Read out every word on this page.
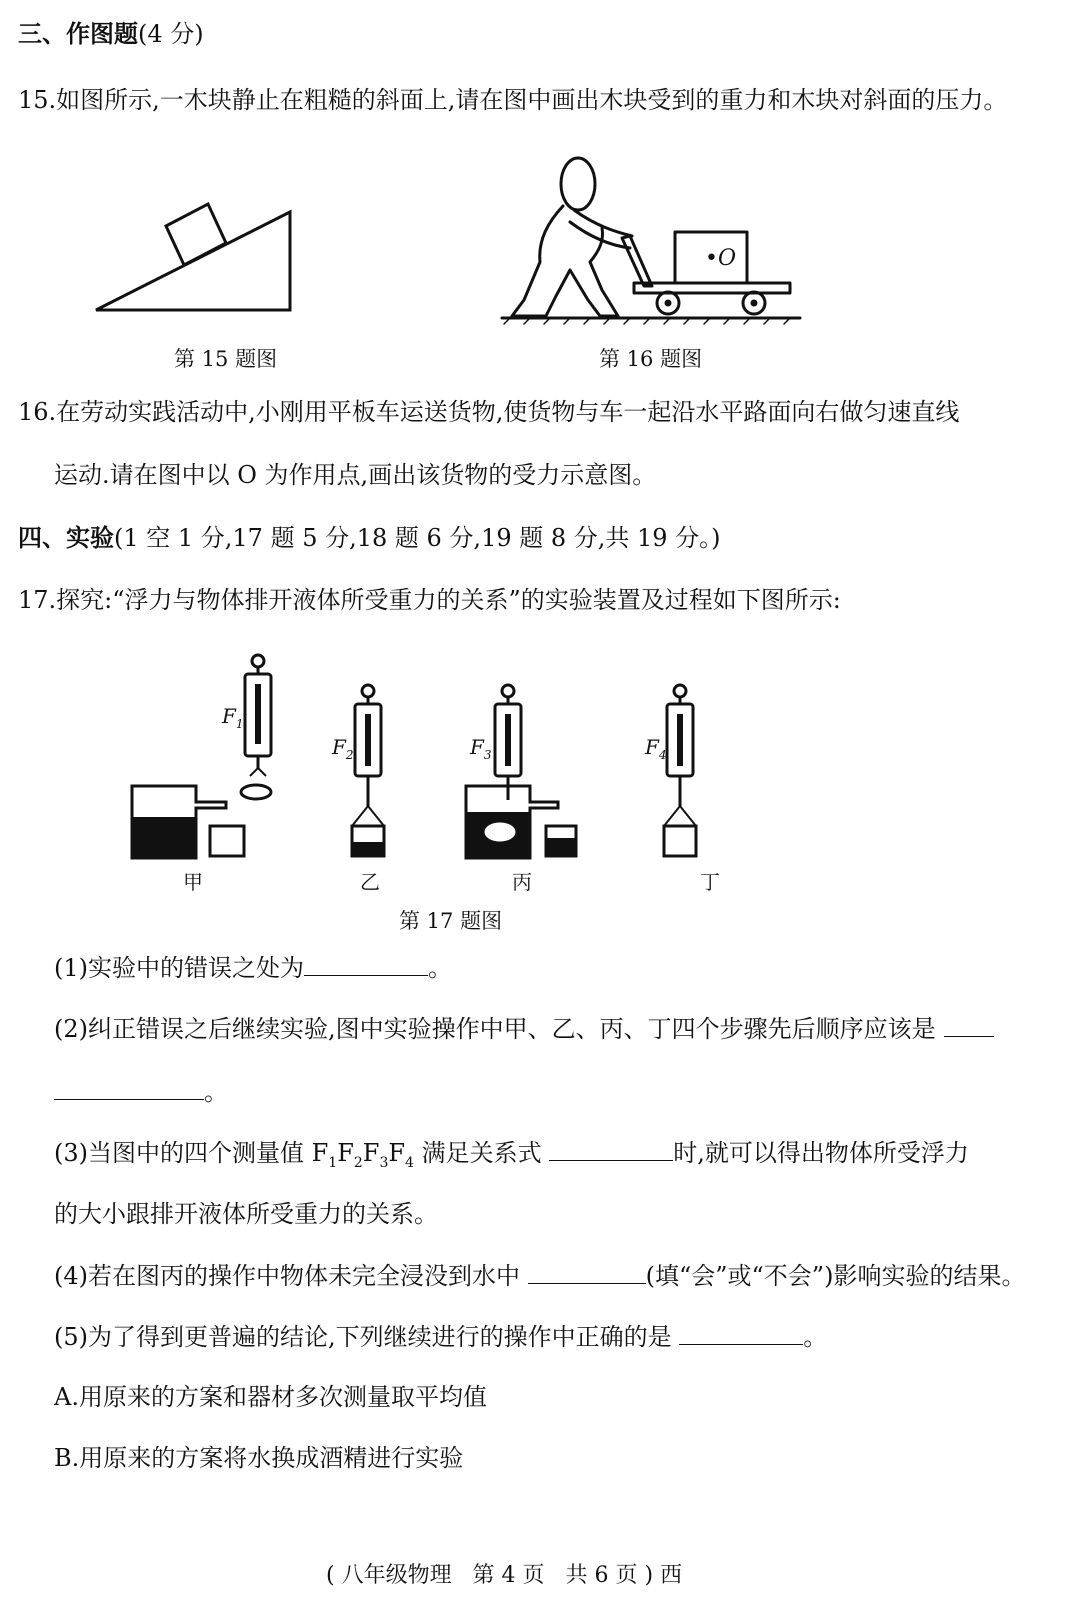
三、作图题(4 分)
15.如图所示,一木块静止在粗糙的斜面上,请在图中画出木块受到的重力和木块对斜面的压力。
第 15 题图
•O
第 16 题图
16.在劳动实践活动中,小刚用平板车运送货物,使货物与车一起沿水平路面向右做匀速直线
运动.请在图中以 O 为作用点,画出该货物的受力示意图。
四、实验(1 空 1 分,17 题 5 分,18 题 6 分,19 题 8 分,共 19 分。)
17.探究:“浮力与物体排开液体所受重力的关系”的实验装置及过程如下图所示:
$F_1$
$F_2$	$F_3$	$F_4$
甲	乙	丙	丁
第 17 题图
(1)实验中的错误之处为	。
(2)纠正错误之后继续实验,图中实验操作中甲、乙、丙、丁四个步骤先后顺序应该是
。
(3)当图中的四个测量值 $F_1F_2F_3F_4$ 满足关系式	时,就可以得出物体所受浮力
的大小跟排开液体所受重力的关系。
(4)若在图丙的操作中物体未完全浸没到水中	(填“会”或“不会”)影响实验的结果。
(5)为了得到更普遍的结论,下列继续进行的操作中正确的是	。
A.用原来的方案和器材多次测量取平均值
B.用原来的方案将水换成酒精进行实验
( 八年级物理   第 4 页   共 6 页 ) 西
